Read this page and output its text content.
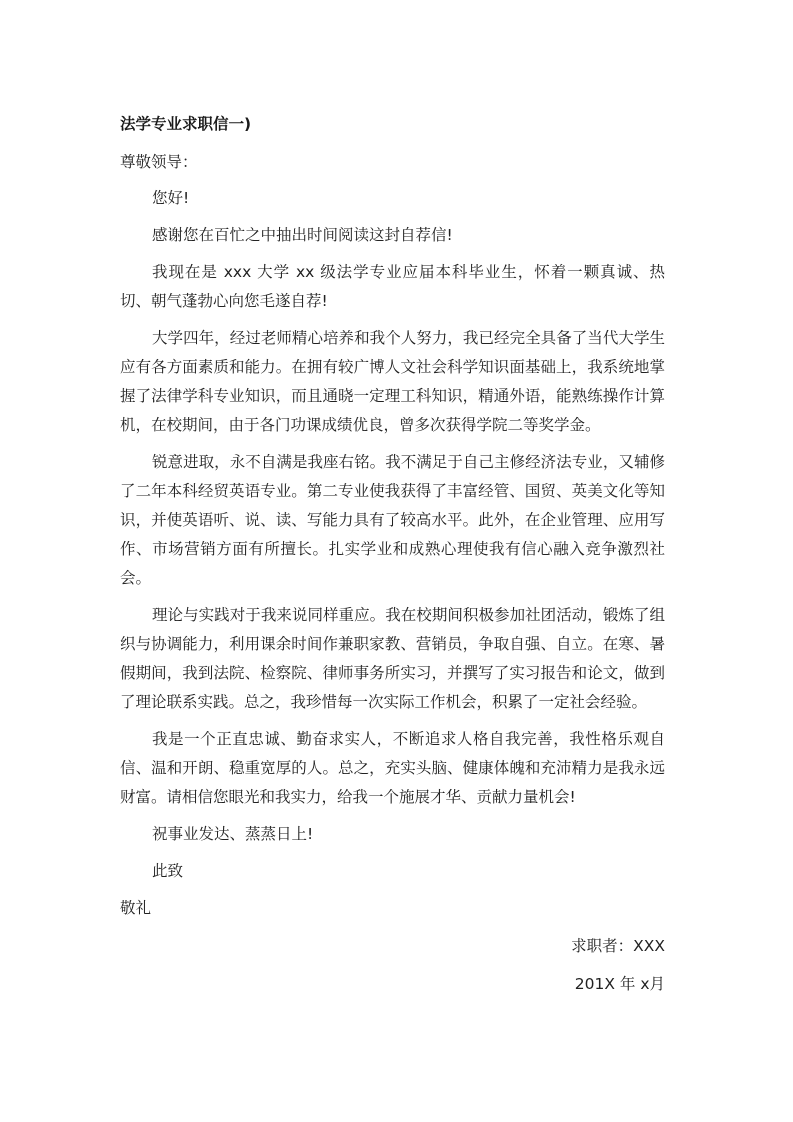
法学专业求职信一)
尊敬领导：

您好!

感谢您在百忙之中抽出时间阅读这封自荐信!

我现在是 xxx 大学 xx 级法学专业应届本科毕业生，怀着一颗真诚、热切、朝气蓬勃心向您毛遂自荐!

大学四年，经过老师精心培养和我个人努力，我已经完全具备了当代大学生应有各方面素质和能力。在拥有较广博人文社会科学知识面基础上，我系统地掌握了法律学科专业知识，而且通晓一定理工科知识，精通外语，能熟练操作计算机，在校期间，由于各门功课成绩优良，曾多次获得学院二等奖学金。

锐意进取，永不自满是我座右铭。我不满足于自己主修经济法专业，又辅修了二年本科经贸英语专业。第二专业使我获得了丰富经管、国贸、英美文化等知识，并使英语听、说、读、写能力具有了较高水平。此外，在企业管理、应用写作、市场营销方面有所擅长。扎实学业和成熟心理使我有信心融入竞争激烈社会。

理论与实践对于我来说同样重应。我在校期间积极参加社团活动，锻炼了组织与协调能力，利用课余时间作兼职家教、营销员，争取自强、自立。在寒、暑假期间，我到法院、检察院、律师事务所实习，并撰写了实习报告和论文，做到了理论联系实践。总之，我珍惜每一次实际工作机会，积累了一定社会经验。

我是一个正直忠诚、勤奋求实人，不断追求人格自我完善，我性格乐观自信、温和开朗、稳重宽厚的人。总之，充实头脑、健康体魄和充沛精力是我永远财富。请相信您眼光和我实力，给我一个施展才华、贡献力量机会!

祝事业发达、蒸蒸日上!

此致

敬礼
求职者：XXX
201X 年 x月
